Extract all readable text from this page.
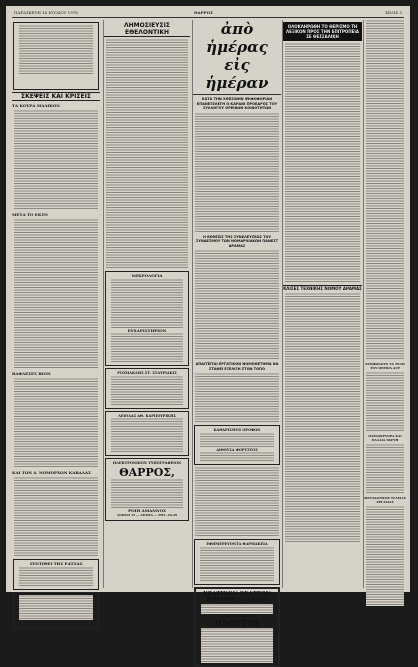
ΠΑΡΑΣΚΕΥΗ 16 ΙΟΥΛΙΟΥ 1976	ΘΑΡΡΟΣ	ΣΕΛΙΣ 3
ΣΚΕΨΕΙΣ ΚΑΙ ΚΡΙΣΕΙΣ
ΤΑ ΚΟΥΡΑ ΜΑΛΙΚΟΝ
ΜΕΤΑ ΤΟ ΕΚΤΟ
ΒΑΦΛΕΣΕΣ ΒΙΟΝ
ΚΑΙ ΤΩΝ 4. ΝΟΜΟΡΧΩΝ ΚΑΒΑΛΑΣ
ΣΥΝΤΙΘΕΙ ΤΗΣ ΡΑΤΣΑΣ
ΛΗΜΟΣΙΕΥΣΙΣ ΕΘΕΛΟΝΤΙΚΗ
ΝΕΚΡΟΛΟΓΙΑ
ΕΥΧΑΡΙΣΤΗΡΙΟΝ
ΡΟΣΜΑΚΛΗΣ ΣΤ. ΣΤΑΥΡΙΑΚΙΣ
ΛΕΙΟΔΑΣ ΑΘ. ΚΑΡΠΟΥΡΙΚΗΣ
ΗΛΕΚΤΡΟΝΙΚΟΝ ΤΥΠΟΓΡΑΦΕΙΟΝ
ΘΑΡΡΟΣ,
ΡΟΙΗ ΑΜΑΝΝΟΣ
ΑΝΘΙΝΙ 15 — ΔΡΑΜΑ — ΤΗΛ. 26-29
ἀπὸ ἡμέρας εἰς ἡμέραν
ΚΑΤΑ ΤΗΝ ΧΘΕΣΙΝΗΝ ΨΗΦΟΦΟΡΙΑΝ ΕΠΑΝΕΞΕΛΕΓΗ Ο ΚΑΡΑΝΙ ΠΡΟΕΔΡΟΣ ΤΟΥ ΣΥΛΛΟΓΟΥ ΟΡΕΙΝΩΝ ΚΟΙΝΟΤΗΤΩΝ
Η ΕΚΘΕΣΙΣ ΤΗΣ ΣΥΝΕΛΕΥΣΕΩΣ ΤΟΥ ΣΥΝΔΕΣΜΟΥ ΤΩΝ ΝΟΜΑΡΧΙΑΚΩΝ ΠΑΝΕΣΤ ΔΡΑΜΑΣ
ΑΠΑΙΤΕΙΤΑΙ ΕΡΓΑΤΙΚΟΝ ΝΟΜΟΘΕΤΗΜΑ ΝΑ ΣΤΑΘΕΙ ΕΞΕΛΙΞΗ ΣΤΟΝ ΤΟΠΟ
ΚΑΘΑΡΙΣΜΟΣ ΟΡΟΦΩΝ
ΑΙΘΟΥΣΑ ΦΟΡΤΣΤΟΣ
ΕΦΗΜΕΡΕΥΟΝΤΑ ΦΑΡΜΑΚΕΙΑ
ΚΡΑΤΙΚΟΝ ΘΕΑΤΡΟΝ
ΒΟΡΕΙΟΥ ΕΛΛΑΔΟΣ
ΑΡΙΣΤΟΦΑΝΟΥΣ
ΠΛΟΥΤΟΣ
ΟΛΟΚΛΗΡΩΘΗ ΤΟ ΘΕΡΙΣΜΟ ΤΗ ΛΕΞΙΚΟΝ ΠΡΟΣ ΤΗΝ ΕΠΙΤΡΟΠΕΙΑ ΣΕ ΘΕΣΣΑΛΙΚΗ
ΚΛΙΣΕΣ ΤΕΧΝΙΚΗΣ ΝΟΜΟΥ ΔΡΑΜΑΣ
ΣΥΜΦΩΝΟΥΝ ΤΑ ΤΕΛΗ ΤΟΥ ΠΕΡΙΟΔ ΑΓΡ
ΠΑΡΑΣΚΕΥΟΡΑ ΚΑΙ ΠΑΛΑΙΑ ΣΚΕΥΗ
ΜΕΤΑΚΟΜΙΣΙΣ ΤΕΛΕΙΑΣ ΕΡΓΑΣΙΑΣ
